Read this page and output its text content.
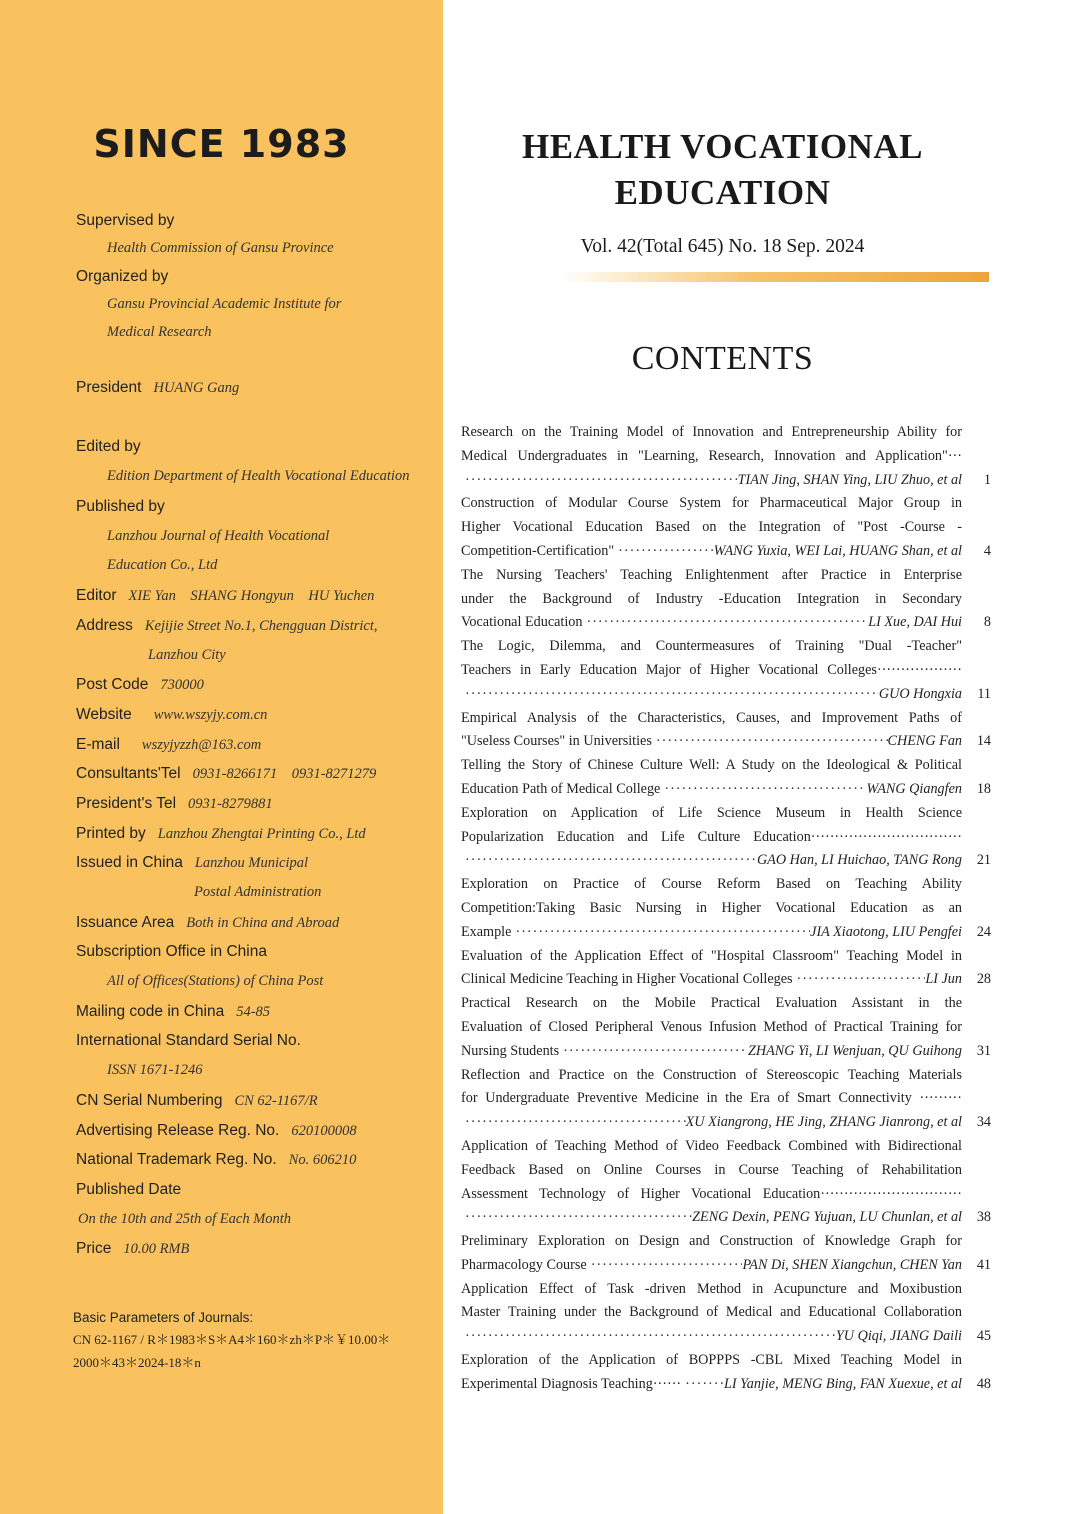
SINCE 1983
Supervised by
Health Commission of Gansu Province
Organized by
Gansu Provincial Academic Institute for
Medical Research
President HUANG Gang
Edited by
Edition Department of Health Vocational Education
Published by
Lanzhou Journal of Health Vocational
Education Co., Ltd
Editor XIE Yan    SHANG Hongyun    HU Yuchen
Address Kejijie Street No.1, Chengguan District,
Lanzhou City
Post Code 730000
Website www.wszyjy.com.cn
E-mail wszyjyzzh@163.com
Consultants'Tel 0931-8266171    0931-8271279
President's Tel 0931-8279881
Printed by Lanzhou Zhengtai Printing Co., Ltd
Issued in China Lanzhou Municipal
Postal Administration
Issuance Area Both in China and Abroad
Subscription Office in China
All of Offices(Stations) of China Post
Mailing code in China 54-85
International Standard Serial No.
ISSN 1671-1246
CN Serial Numbering CN 62-1167/R
Advertising Release Reg. No. 620100008
National Trademark Reg. No. No. 606210
Published Date
On the 10th and 25th of Each Month
Price 10.00 RMB
Basic Parameters of Journals:
CN 62-1167 / R＊1983＊S＊A4＊160＊zh＊P＊￥10.00＊
2000＊43＊2024-18＊n
HEALTH VOCATIONAL
EDUCATION
Vol. 42(Total 645) No. 18 Sep. 2024
CONTENTS
Research on the Training Model of Innovation and Entrepreneurship Ability for
Medical Undergraduates in "Learning, Research, Innovation and Application"···
·····
TIAN Jing, SHAN Ying, LIU Zhuo, et al	1
Construction of Modular Course System for Pharmaceutical Major Group in
Higher Vocational Education Based on the Integration of "Post -Course -
Competition-Certification" ·····	WANG Yuxia, WEI Lai, HUANG Shan, et al	4
The Nursing Teachers' Teaching Enlightenment after Practice in Enterprise
under the Background of Industry -Education Integration in Secondary
Vocational Education ·····	LI Xue, DAI Hui	8
The Logic, Dilemma, and Countermeasures of Training "Dual -Teacher"
Teachers in Early Education Major of Higher Vocational Colleges··················
·····
GUO Hongxia	11
Empirical Analysis of the Characteristics, Causes, and Improvement Paths of
"Useless Courses" in Universities ·····	CHENG Fan	14
Telling the Story of Chinese Culture Well: A Study on the Ideological & Political
Education Path of Medical College ·····	WANG Qiangfen	18
Exploration on Application of Life Science Museum in Health Science
Popularization Education and Life Culture Education································
·····
GAO Han, LI Huichao, TANG Rong	21
Exploration on Practice of Course Reform Based on Teaching Ability
Competition:Taking Basic Nursing in Higher Vocational Education as an
Example ·····	JIA Xiaotong, LIU Pengfei	24
Evaluation of the Application Effect of "Hospital Classroom" Teaching Model in
Clinical Medicine Teaching in Higher Vocational Colleges ·····	LI Jun	28
Practical Research on the Mobile Practical Evaluation Assistant in the
Evaluation of Closed Peripheral Venous Infusion Method of Practical Training for
Nursing Students ·····	ZHANG Yi, LI Wenjuan, QU Guihong	31
Reflection and Practice on the Construction of Stereoscopic Teaching Materials
for Undergraduate Preventive Medicine in the Era of Smart Connectivity ·········
·····
XU Xiangrong, HE Jing, ZHANG Jianrong, et al	34
Application of Teaching Method of Video Feedback Combined with Bidirectional
Feedback Based on Online Courses in Course Teaching of Rehabilitation
Assessment Technology of Higher Vocational Education······························
·····
ZENG Dexin, PENG Yujuan, LU Chunlan, et al	38
Preliminary Exploration on Design and Construction of Knowledge Graph for
Pharmacology Course ·····	PAN Di, SHEN Xiangchun, CHEN Yan	41
Application Effect of Task -driven Method in Acupuncture and Moxibustion
Master Training under the Background of Medical and Educational Collaboration
·····
YU Qiqi, JIANG Daili	45
Exploration of the Application of BOPPPS -CBL Mixed Teaching Model in
Experimental Diagnosis Teaching······ ·····	LI Yanjie, MENG Bing, FAN Xuexue, et al	48
